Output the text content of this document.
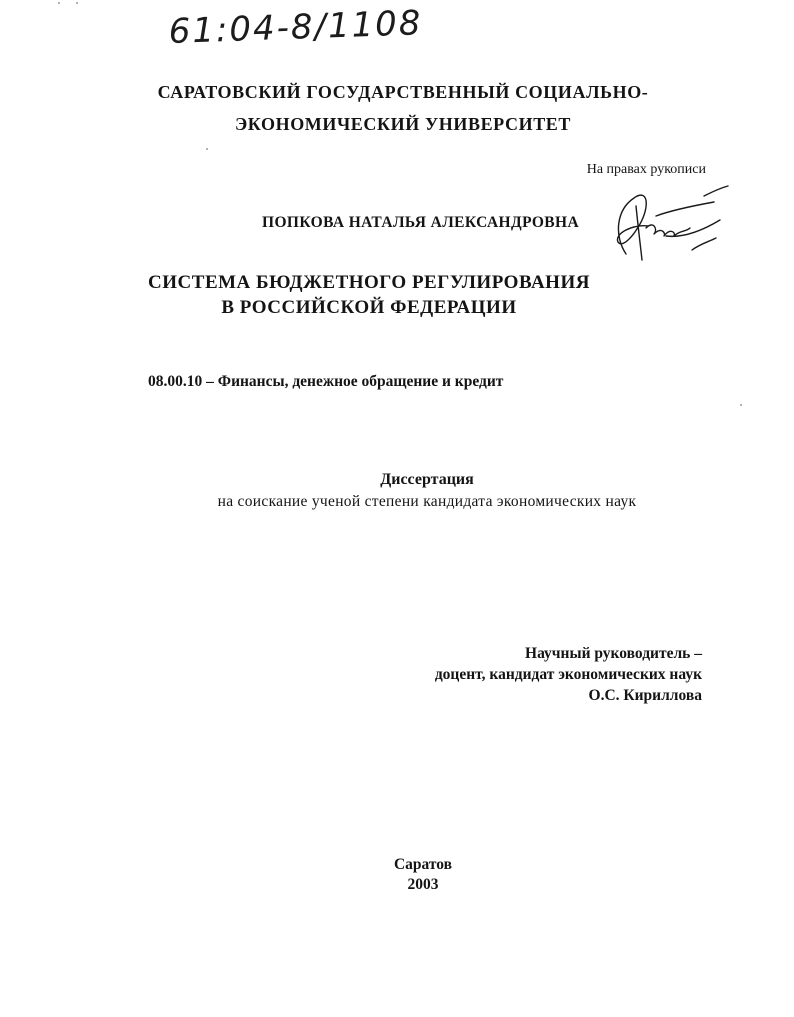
61:04-8/1108
САРАТОВСКИЙ ГОСУДАРСТВЕННЫЙ СОЦИАЛЬНО-
ЭКОНОМИЧЕСКИЙ УНИВЕРСИТЕТ
На правах рукописи
ПОПКОВА НАТАЛЬЯ АЛЕКСАНДРОВНА
СИСТЕМА БЮДЖЕТНОГО РЕГУЛИРОВАНИЯ
В РОССИЙСКОЙ ФЕДЕРАЦИИ
08.00.10 – Финансы, денежное обращение и кредит
Диссертация
на соискание ученой степени кандидата экономических наук
Научный руководитель –
доцент, кандидат экономических наук
О.С. Кириллова
Саратов
2003
